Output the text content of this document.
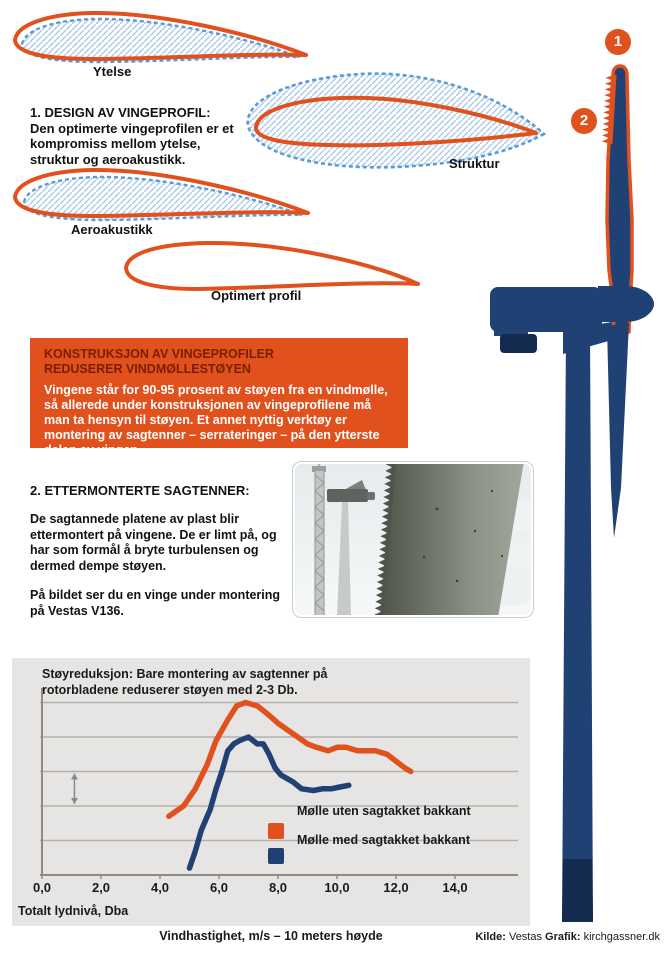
Ytelse
1. DESIGN AV VINGEPROFIL: Den optimerte vingeprofilen er et kompromiss mellom ytelse, struktur og aeroakustikk.	Struktur
Aeroakustikk
Optimert profil
KONSTRUKSJON AV VINGEPROFILER
REDUSERER VINDMØLLESTØYEN
Vingene står for 90-95 prosent av støyen fra en vindmølle, så allerede under konstruksjonen av vingeprofilene må man ta hensyn til støyen. Et annet nyttig verktøy er montering av sagtenner – serrateringer – på den ytterste delen av vingen.
2. ETTERMONTERTE SAGTENNER:

De sagtannede platene av plast blir ettermontert på vingene. De er limt på, og har som formål å bryte turbulensen og dermed dempe støyen.

På bildet ser du en vinge under montering på Vestas V136.

1
2
Støyreduksjon: Bare montering av sagtenner på rotorbladene reduserer støyen med 2-3 Db.
0,0	2,0	4,0	6,0	8,0	10,0	12,0	14,0
Mølle uten sagtakket bakkant
Mølle med sagtakket bakkant
Totalt lydnivå, Dba
Vindhastighet, m/s – 10 meters høyde	Kilde: Vestas Grafik: kirchgassner.dk
